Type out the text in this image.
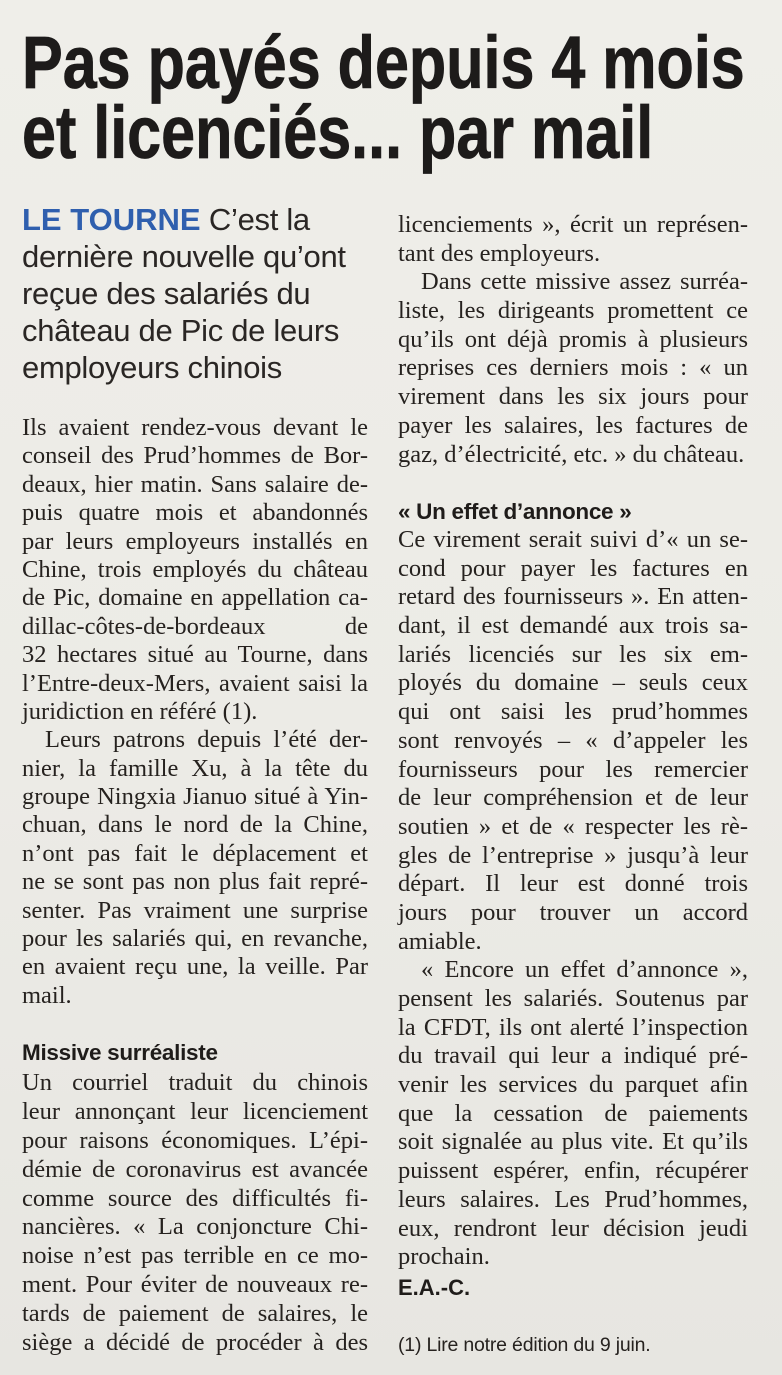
Pas payés depuis 4 mois
et licenciés... par mail
LE TOURNE C’est la
dernière nouvelle qu’ont
reçue des salariés du
château de Pic de leurs
employeurs chinois
Ils avaient rendez-vous devant le
conseil des Prud’hommes de Bor-
deaux, hier matin. Sans salaire de-
puis quatre mois et abandonnés
par leurs employeurs installés en
Chine, trois employés du château
de Pic, domaine en appellation ca-
dillac-côtes-de-bordeaux de
32 hectares situé au Tourne, dans
l’Entre-deux-Mers, avaient saisi la
juridiction en référé (1).
Leurs patrons depuis l’été der-
nier, la famille Xu, à la tête du
groupe Ningxia Jianuo situé à Yin-
chuan, dans le nord de la Chine,
n’ont pas fait le déplacement et
ne se sont pas non plus fait repré-
senter. Pas vraiment une surprise
pour les salariés qui, en revanche,
en avaient reçu une, la veille. Par
mail.
Missive surréaliste
Un courriel traduit du chinois
leur annonçant leur licenciement
pour raisons économiques. L’épi-
démie de coronavirus est avancée
comme source des difficultés fi-
nancières. « La conjoncture Chi-
noise n’est pas terrible en ce mo-
ment. Pour éviter de nouveaux re-
tards de paiement de salaires, le
siège a décidé de procéder à des
licenciements », écrit un représen-
tant des employeurs.
Dans cette missive assez surréa-
liste, les dirigeants promettent ce
qu’ils ont déjà promis à plusieurs
reprises ces derniers mois : « un
virement dans les six jours pour
payer les salaires, les factures de
gaz, d’électricité, etc. » du château.
« Un effet d’annonce »
Ce virement serait suivi d’« un se-
cond pour payer les factures en
retard des fournisseurs ». En atten-
dant, il est demandé aux trois sa-
lariés licenciés sur les six em-
ployés du domaine – seuls ceux
qui ont saisi les prud’hommes
sont renvoyés – « d’appeler les
fournisseurs pour les remercier
de leur compréhension et de leur
soutien » et de « respecter les rè-
gles de l’entreprise » jusqu’à leur
départ. Il leur est donné trois
jours pour trouver un accord
amiable.
« Encore un effet d’annonce »,
pensent les salariés. Soutenus par
la CFDT, ils ont alerté l’inspection
du travail qui leur a indiqué pré-
venir les services du parquet afin
que la cessation de paiements
soit signalée au plus vite. Et qu’ils
puissent espérer, enfin, récupérer
leurs salaires. Les Prud’hommes,
eux, rendront leur décision jeudi
prochain.
E.A.-C.
(1) Lire notre édition du 9 juin.
